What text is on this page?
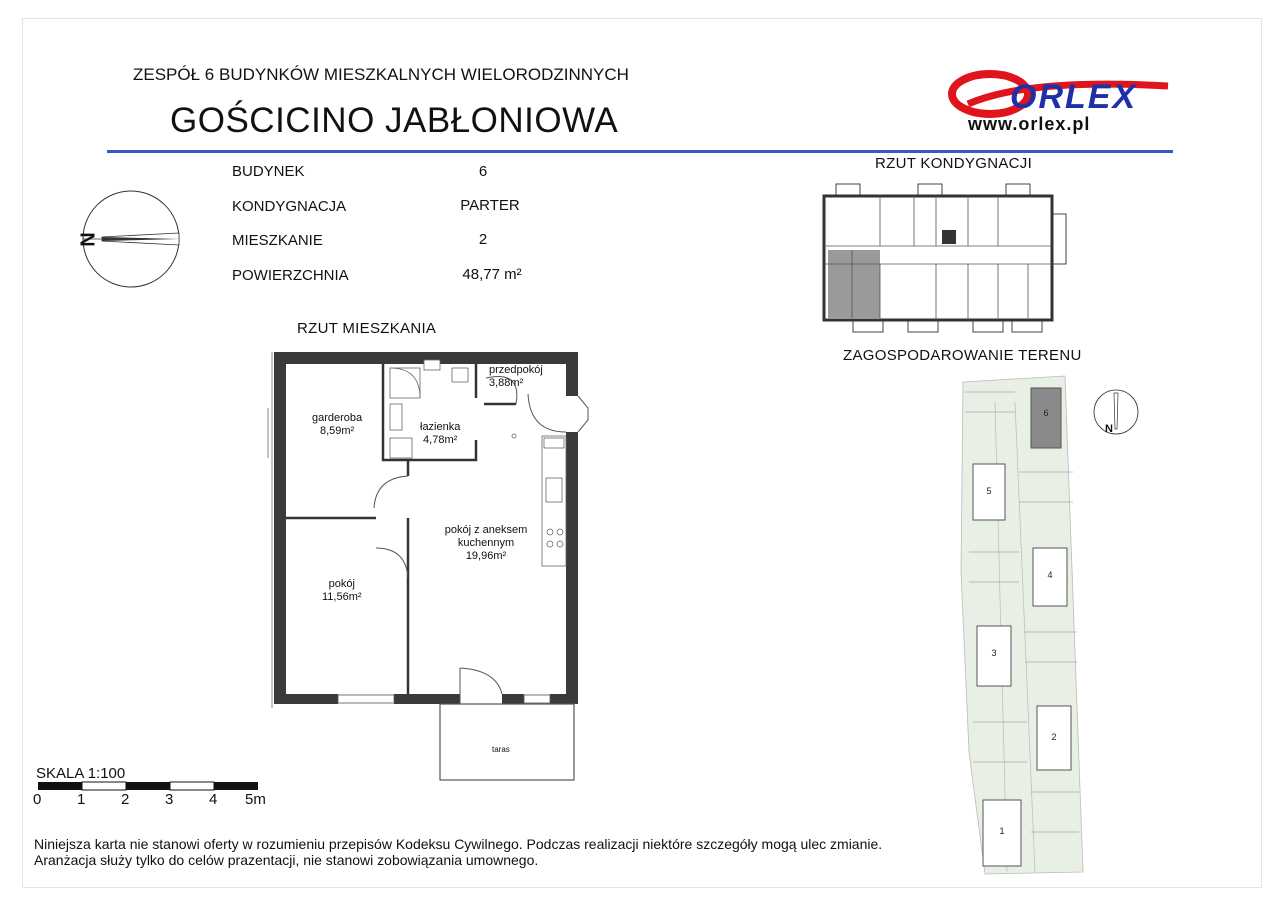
ZESPÓŁ 6 BUDYNKÓW MIESZKALNYCH WIELORODZINNYCH
GOŚCICINO JABŁONIOWA
ORLEX
www.orlex.pl
N
BUDYNEK	6
KONDYGNACJA	PARTER
MIESZKANIE	2
POWIERZCHNIA	48,77 m²
RZUT MIESZKANIA
przedpokój
3,88m²
garderoba
8,59m²	łazienka
4,78m²
pokój z aneksem
kuchennym
19,96m²
pokój
11,56m²
taras
RZUT KONDYGNACJI
ZAGOSPODAROWANIE TERENU
6
5
4
3
2
1
N
SKALA 1:100
0 1 2 3 4 5m
Niniejsza karta nie stanowi oferty w rozumieniu przepisów Kodeksu Cywilnego. Podczas realizacji niektóre szczegóły mogą ulec zmianie.
Aranżacja służy tylko do celów prazentacji, nie stanowi zobowiązania umownego.
